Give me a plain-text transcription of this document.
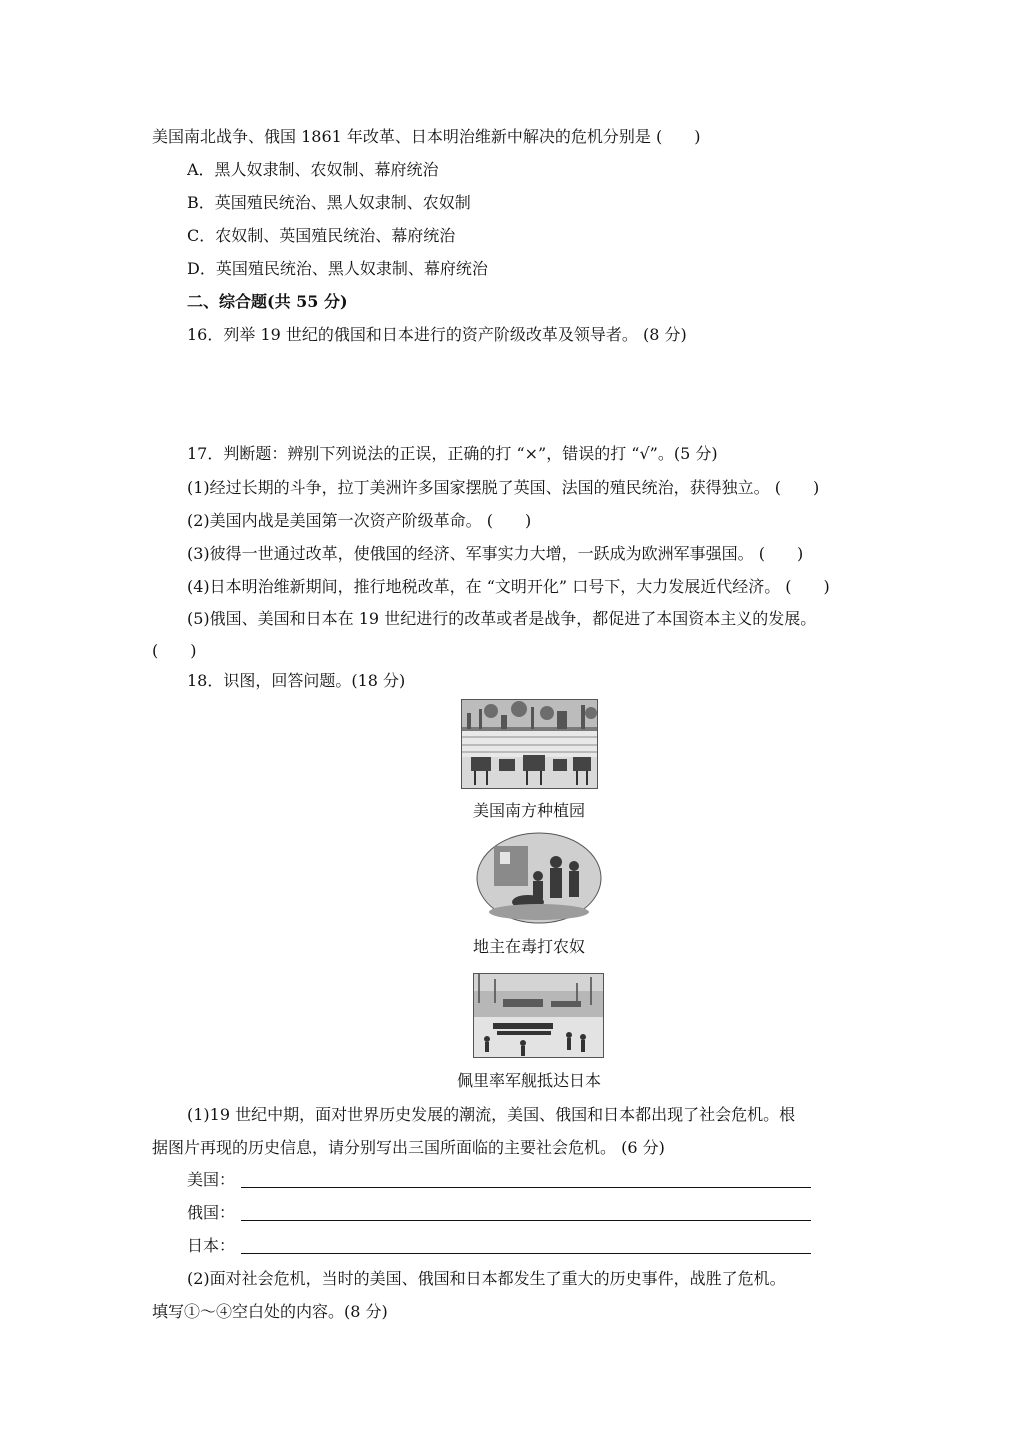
美国南北战争、俄国 1861 年改革、日本明治维新中解决的危机分别是 (　　)
A．黑人奴隶制、农奴制、幕府统治
B．英国殖民统治、黑人奴隶制、农奴制
C．农奴制、英国殖民统治、幕府统治
D．英国殖民统治、黑人奴隶制、幕府统治
二、综合题(共 55 分)
16．列举 19 世纪的俄国和日本进行的资产阶级改革及领导者。 (8 分)
17．判断题：辨别下列说法的正误，正确的打 “×”，错误的打 “√”。(5 分)
(1)经过长期的斗争，拉丁美洲许多国家摆脱了英国、法国的殖民统治，获得独立。 (　　)
(2)美国内战是美国第一次资产阶级革命。 (　　)
(3)彼得一世通过改革，使俄国的经济、军事实力大增，一跃成为欧洲军事强国。 (　　)
(4)日本明治维新期间，推行地税改革，在 “文明开化” 口号下，大力发展近代经济。 (　　)
(5)俄国、美国和日本在 19 世纪进行的改革或者是战争，都促进了本国资本主义的发展。
(　　)
18．识图，回答问题。(18 分)
美国南方种植园
地主在毒打农奴
佩里率军舰抵达日本
(1)19 世纪中期，面对世界历史发展的潮流，美国、俄国和日本都出现了社会危机。根
据图片再现的历史信息，请分别写出三国所面临的主要社会危机。 (6 分)
美国：
俄国：
日本：
(2)面对社会危机，当时的美国、俄国和日本都发生了重大的历史事件，战胜了危机。
填写①～④空白处的内容。(8 分)
